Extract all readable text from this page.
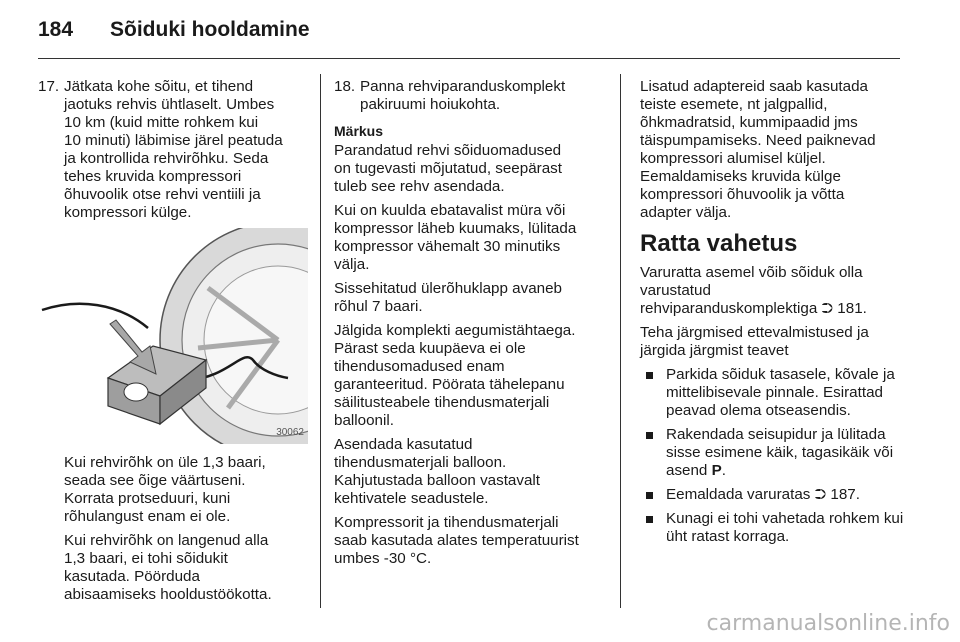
184 Sõiduki hooldamine
17. Jätkata kohe sõitu, et tihend
jaotuks rehvis ühtlaselt. Umbes
10 km (kuid mitte rohkem kui
10 minuti) läbimise järel peatuda
ja kontrollida rehvirõhku. Seda
tehes kruvida kompressori
õhuvoolik otse rehvi ventiili ja
kompressori külge.
30062
Kui rehvirõhk on üle 1,3 baari,
seada see õige väärtuseni.
Korrata protseduuri, kuni
rõhulangust enam ei ole.
Kui rehvirõhk on langenud alla
1,3 baari, ei tohi sõidukit
kasutada. Pöörduda
abisaamiseks hooldustöökotta.
18. Panna rehviparanduskomplekt
pakiruumi hoiukohta.
Märkus

Parandatud rehvi sõiduomadused
on tugevasti mõjutatud, seepärast
tuleb see rehv asendada.

Kui on kuulda ebatavalist müra või
kompressor läheb kuumaks, lülitada
kompressor vähemalt 30 minutiks
välja.

Sissehitatud ülerõhuklapp avaneb
rõhul 7 baari.

Jälgida komplekti aegumistähtaega.
Pärast seda kuupäeva ei ole
tihendusomadused enam
garanteeritud. Pöörata tähelepanu
säilitusteabele tihendusmaterjali
balloonil.

Asendada kasutatud
tihendusmaterjali balloon.
Kahjutustada balloon vastavalt
kehtivatele seadustele.

Kompressorit ja tihendusmaterjali
saab kasutada alates temperatuurist
umbes -30 °C.

Lisatud adaptereid saab kasutada
teiste esemete, nt jalgpallid,
õhkmadratsid, kummipaadid jms
täispumpamiseks. Need paiknevad
kompressori alumisel küljel.
Eemaldamiseks kruvida külge
kompressori õhuvoolik ja võtta
adapter välja.

Ratta vahetus

Varuratta asemel võib sõiduk olla
varustatud
rehviparanduskomplektiga ⮊ 181.

Teha järgmised ettevalmistused ja
järgida järgmist teavet

Parkida sõiduk tasasele, kõvale ja
mittelibisevale pinnale. Esirattad
peavad olema otseasendis.
Rakendada seisupidur ja lülitada
sisse esimene käik, tagasikäik või
asend P.
Eemaldada varuratas ⮊ 187.
Kunagi ei tohi vahetada rohkem kui
üht ratast korraga.
carmanualsonline.info
